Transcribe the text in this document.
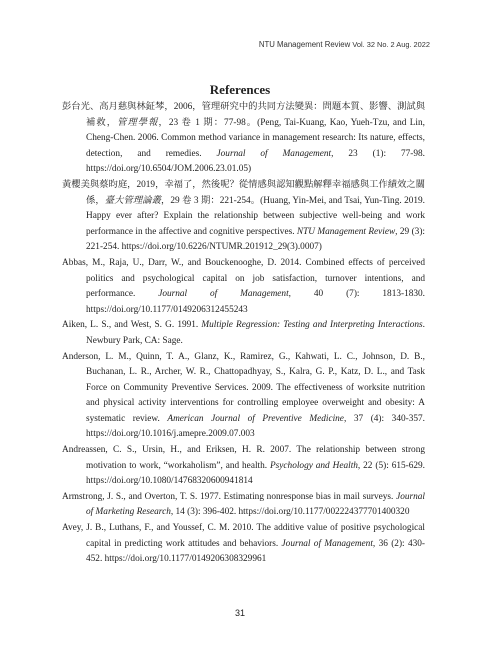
NTU Management Review Vol. 32 No. 2 Aug. 2022
References
彭台光、高月慈與林鉦棽，2006，管理研究中的共同方法變異：問題本質、影響、測試與補救，管理學報，23 卷 1 期：77-98。(Peng, Tai-Kuang, Kao, Yueh-Tzu, and Lin, Cheng-Chen. 2006. Common method variance in management research: Its nature, effects, detection, and remedies. Journal of Management, 23 (1): 77-98. https://doi.org/10.6504/JOM.2006.23.01.05)
黃櫻美與蔡昀庭，2019，幸福了，然後呢？從情感與認知觀點解釋幸福感與工作績效之關係，臺大管理論叢，29 卷 3 期：221-254。(Huang, Yin-Mei, and Tsai, Yun-Ting. 2019. Happy ever after? Explain the relationship between subjective well-being and work performance in the affective and cognitive perspectives. NTU Management Review, 29 (3): 221-254. https://doi.org/10.6226/NTUMR.201912_29(3).0007)
Abbas, M., Raja, U., Darr, W., and Bouckenooghe, D. 2014. Combined effects of perceived politics and psychological capital on job satisfaction, turnover intentions, and performance. Journal of Management, 40 (7): 1813-1830. https://doi.org/10.1177/0149206312455243
Aiken, L. S., and West, S. G. 1991. Multiple Regression: Testing and Interpreting Interactions. Newbury Park, CA: Sage.
Anderson, L. M., Quinn, T. A., Glanz, K., Ramirez, G., Kahwati, L. C., Johnson, D. B., Buchanan, L. R., Archer, W. R., Chattopadhyay, S., Kalra, G. P., Katz, D. L., and Task Force on Community Preventive Services. 2009. The effectiveness of worksite nutrition and physical activity interventions for controlling employee overweight and obesity: A systematic review. American Journal of Preventive Medicine, 37 (4): 340-357. https://doi.org/10.1016/j.amepre.2009.07.003
Andreassen, C. S., Ursin, H., and Eriksen, H. R. 2007. The relationship between strong motivation to work, “workaholism”, and health. Psychology and Health, 22 (5): 615-629. https://doi.org/10.1080/14768320600941814
Armstrong, J. S., and Overton, T. S. 1977. Estimating nonresponse bias in mail surveys. Journal of Marketing Research, 14 (3): 396-402. https://doi.org/10.1177/002224377701400320
Avey, J. B., Luthans, F., and Youssef, C. M. 2010. The additive value of positive psychological capital in predicting work attitudes and behaviors. Journal of Management, 36 (2): 430-452. https://doi.org/10.1177/0149206308329961
31
